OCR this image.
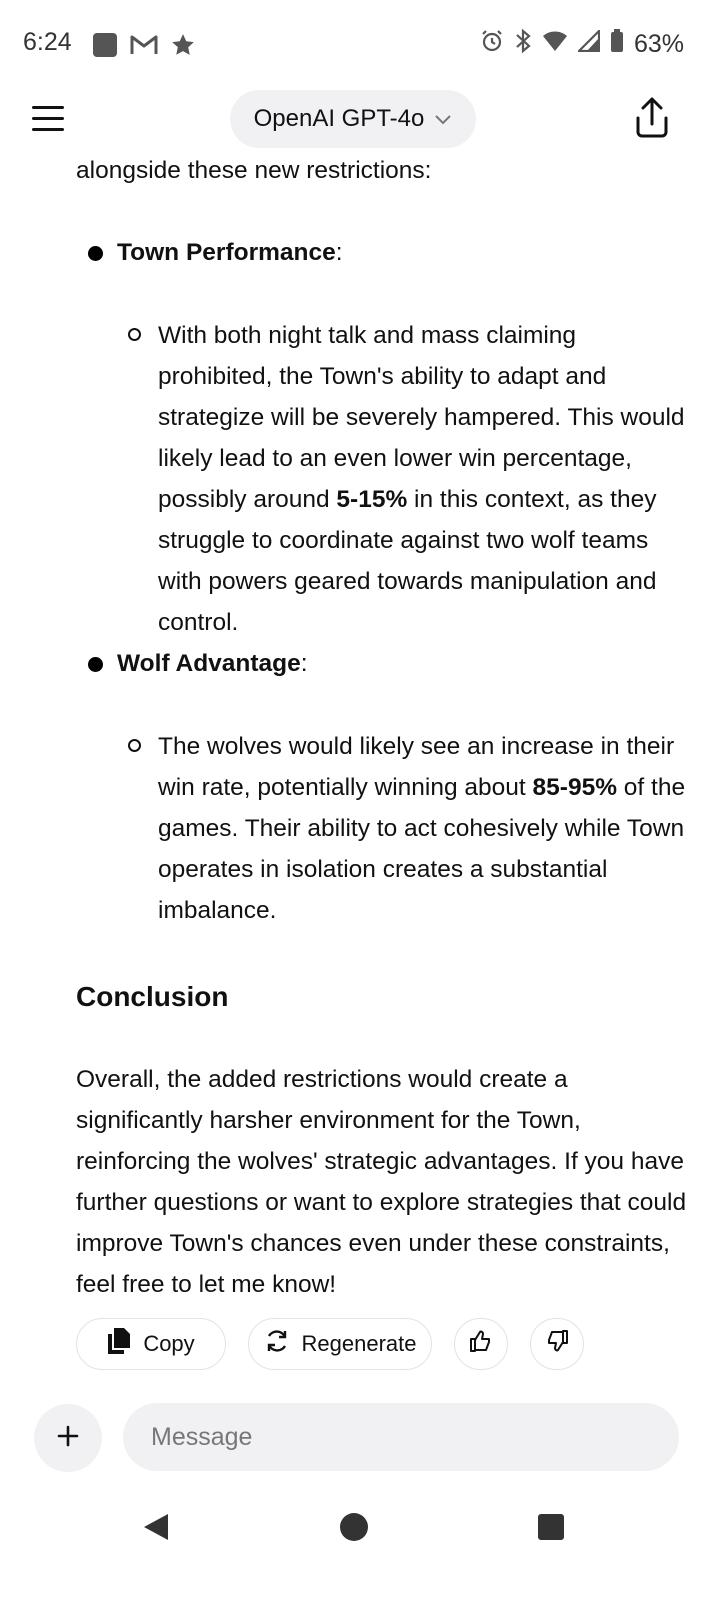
6:24	63%
OpenAI GPT-4o

alongside these new restrictions:

Town Performance:
With both night talk and mass claiming prohibited, the Town's ability to adapt and strategize will be severely hampered. This would likely lead to an even lower win percentage, possibly around 5-15% in this context, as they struggle to coordinate against two wolf teams with powers geared towards manipulation and control.
Wolf Advantage:
The wolves would likely see an increase in their win rate, potentially winning about 85-95% of the games. Their ability to act cohesively while Town operates in isolation creates a substantial imbalance.

Conclusion

Overall, the added restrictions would create a significantly harsher environment for the Town, reinforcing the wolves' strategic advantages. If you have further questions or want to explore strategies that could improve Town's chances even under these constraints, feel free to let me know!

Copy	Regenerate
Message
